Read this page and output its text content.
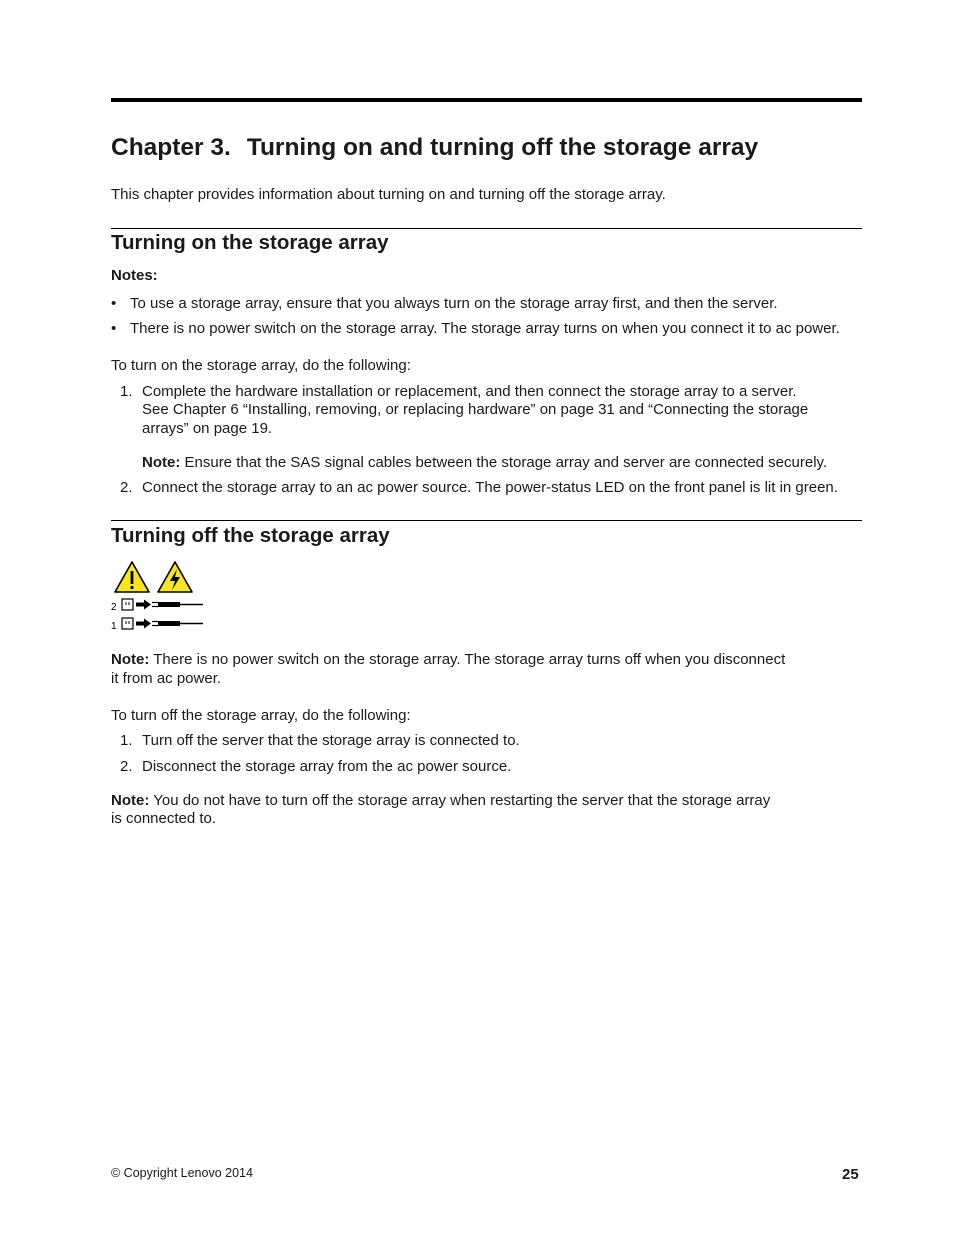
Chapter 3. Turning on and turning off the storage array
This chapter provides information about turning on and turning off the storage array.
Turning on the storage array
Notes:
• To use a storage array, ensure that you always turn on the storage array first, and then the server.
• There is no power switch on the storage array. The storage array turns on when you connect it to ac power.
To turn on the storage array, do the following:
1. Complete the hardware installation or replacement, and then connect the storage array to a server.
See Chapter 6 “Installing, removing, or replacing hardware” on page 31 and “Connecting the storage
arrays” on page 19.
Note: Ensure that the SAS signal cables between the storage array and server are connected securely.
2. Connect the storage array to an ac power source. The power-status LED on the front panel is lit in green.
Turning off the storage array
2
1
Note: There is no power switch on the storage array. The storage array turns off when you disconnect
it from ac power.
To turn off the storage array, do the following:
1. Turn off the server that the storage array is connected to.
2. Disconnect the storage array from the ac power source.
Note: You do not have to turn off the storage array when restarting the server that the storage array
is connected to.
© Copyright Lenovo 2014	25
